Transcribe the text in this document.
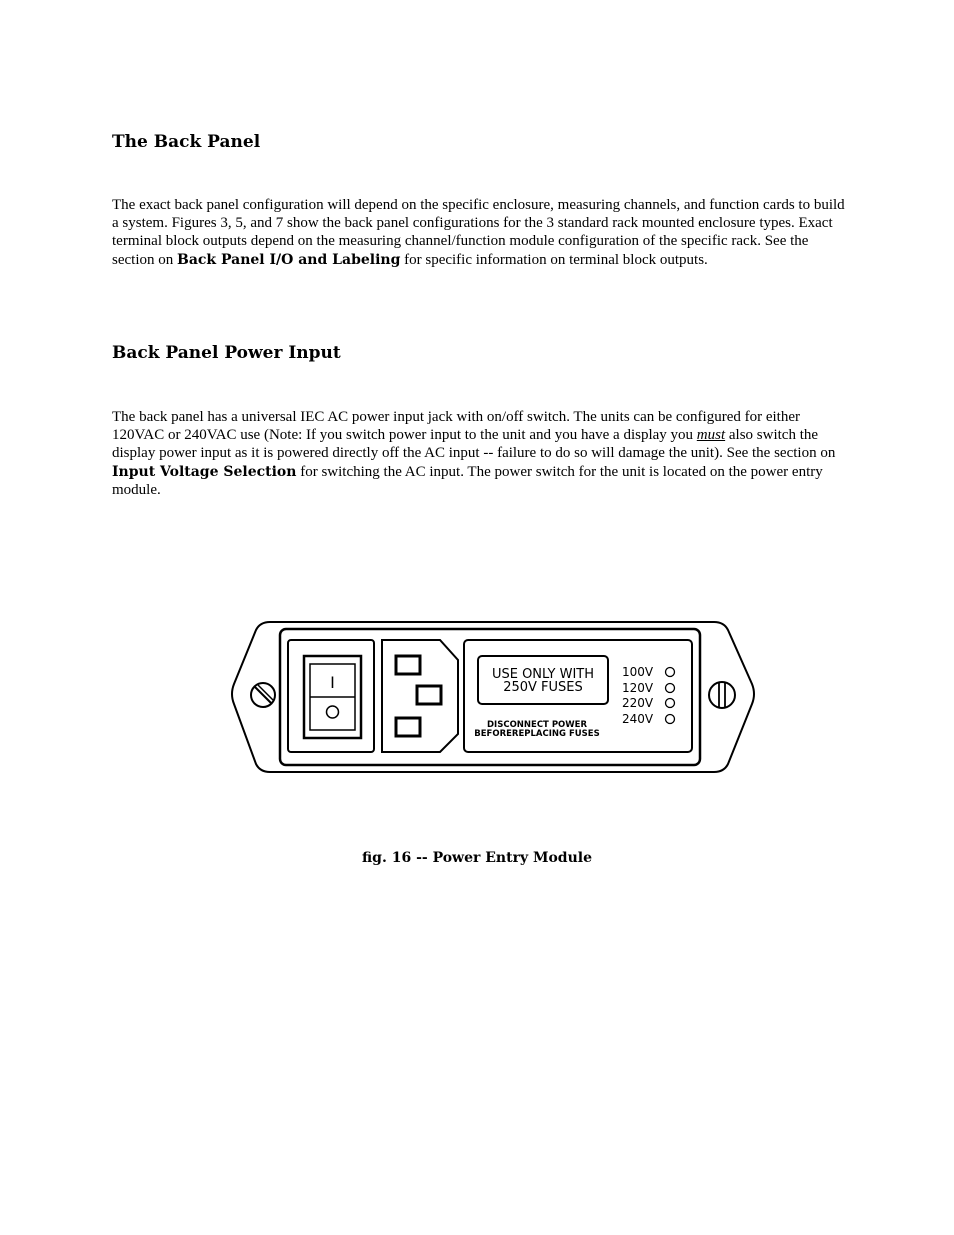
The Back Panel

The exact back panel configuration will depend on the specific enclosure, measuring channels, and function cards to build a system. Figures 3, 5, and 7 show the back panel configurations for the 3 standard rack mounted enclosure types. Exact terminal block outputs depend on the measuring channel/function module configuration of the specific rack. See the section on Back Panel I/O and Labeling for specific information on terminal block outputs.

Back Panel Power Input

The back panel has a universal IEC AC power input jack with on/off switch. The units can be configured for either 120VAC or 240VAC use (Note: If you switch power input to the unit and you have a display you must also switch the display power input as it is powered directly off the AC input -- failure to do so will damage the unit). See the section on Input Voltage Selection for switching the AC input. The power switch for the unit is located on the power entry module.

I	USE ONLY WITH
250V FUSES
DISCONNECT POWER
BEFOREREPLACING FUSES
100V
120V
220V
240V
fig. 16 -- Power Entry Module
